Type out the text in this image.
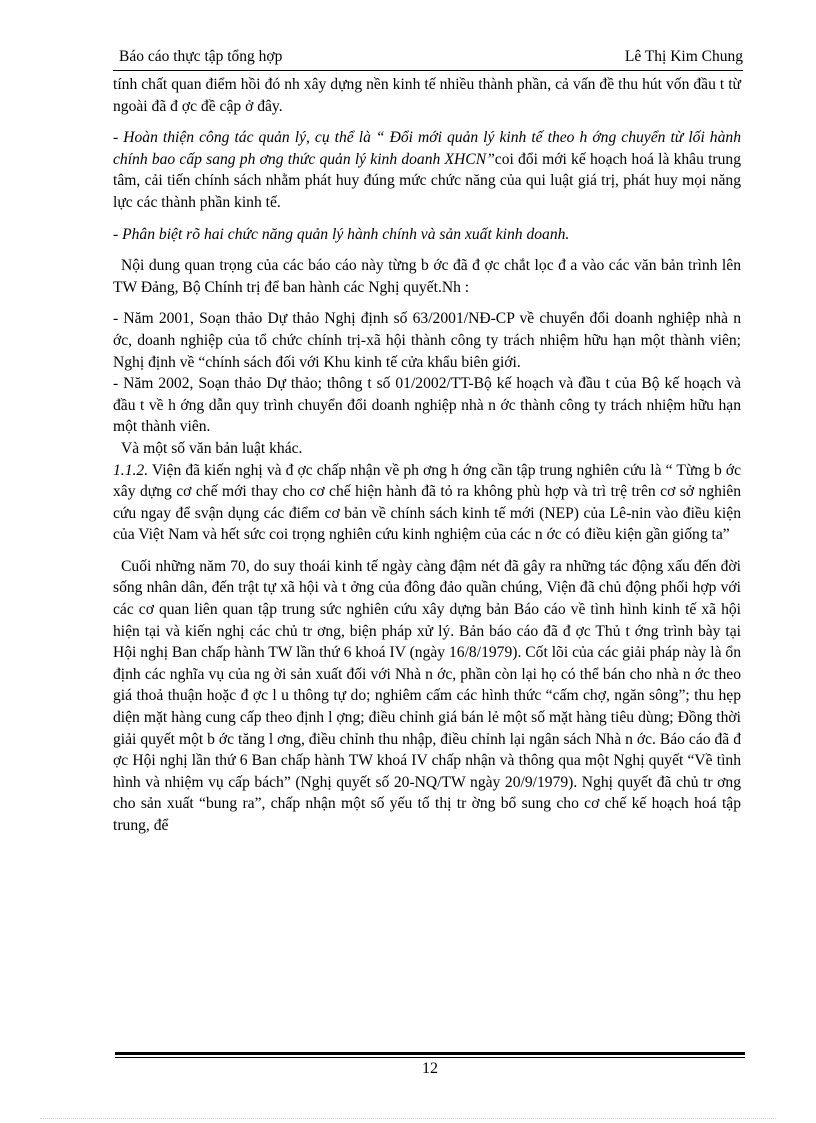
Báo cáo thực tập tổng hợp	Lê Thị Kim Chung

tính chất quan điểm hồi đó nh xây dựng nền kinh tế nhiều thành phần, cả vấn đề thu hút vốn đầu t từ ngoài đã đ ợc đề cập ở đây.

- Hoàn thiện công tác quản lý, cụ thể là “ Đổi mới quản lý kinh tế theo h ớng chuyển từ lối hành chính bao cấp sang ph ơng thức quản lý kinh doanh XHCN”coi đổi mới kế hoạch hoá là khâu trung tâm, cải tiến chính sách nhằm phát huy đúng mức chức năng của qui luật giá trị, phát huy mọi năng lực các thành phần kinh tế.

- Phân biệt rõ hai chức năng quản lý hành chính và sản xuất kinh doanh.

Nội dung quan trọng của các báo cáo này từng b ớc đã đ ợc chắt lọc đ a vào các văn bản trình lên TW Đảng, Bộ Chính trị để ban hành các Nghị quyết.Nh :

- Năm 2001, Soạn thảo Dự thảo Nghị định số 63/2001/NĐ-CP về chuyển đổi doanh nghiệp nhà n ớc, doanh nghiệp của tổ chức chính trị-xã hội thành công ty trách nhiệm hữu hạn một thành viên; Nghị định về “chính sách đối với Khu kinh tế cửa khẩu biên giới.

- Năm 2002, Soạn thảo Dự thảo; thông t số 01/2002/TT-Bộ kế hoạch và đầu t của Bộ kế hoạch và đầu t về h ớng dẫn quy trình chuyển đổi doanh nghiệp nhà n ớc thành công ty trách nhiệm hữu hạn một thành viên.

Và một số văn bản luật khác.

1.1.2. Viện đã kiến nghị và đ ợc chấp nhận về ph ơng h ớng cần tập trung nghiên cứu là “ Từng b ớc xây dựng cơ chế mới thay cho cơ chế hiện hành đã tỏ ra không phù hợp và trì trệ trên cơ sở nghiên cứu ngay để svận dụng các điểm cơ bản về chính sách kinh tế mới (NEP) của Lê-nin vào điều kiện của Việt Nam và hết sức coi trọng nghiên cứu kinh nghiệm của các n ớc có điều kiện gần giống ta”

Cuối những năm 70, do suy thoái kinh tế ngày càng đậm nét đã gây ra những tác động xấu đến đời sống nhân dân, đến trật tự xã hội và t ởng của đông đảo quần chúng, Viện đã chủ động phối hợp với các cơ quan liên quan tập trung sức nghiên cứu xây dựng bản Báo cáo về tình hình kinh tế xã hội hiện tại và kiến nghị các chủ tr ơng, biện pháp xử lý. Bản báo cáo đã đ ợc Thủ t ớng trình bày tại Hội nghị Ban chấp hành TW lần thứ 6 khoá IV (ngày 16/8/1979). Cốt lõi của các giải pháp này là ổn định các nghĩa vụ của ng ời sản xuất đối với Nhà n ớc, phần còn lại họ có thể bán cho nhà n ớc theo giá thoả thuận hoặc đ ợc l u thông tự do; nghiêm cấm các hình thức “cấm chợ, ngăn sông”; thu hẹp diện mặt hàng cung cấp theo định l ợng; điều chỉnh giá bán lẻ một số mặt hàng tiêu dùng; Đồng thời giải quyết một b ớc tăng l ơng, điều chỉnh thu nhập, điều chỉnh lại ngân sách Nhà n ớc. Báo cáo đã đ ợc Hội nghị lần thứ 6 Ban chấp hành TW khoá IV chấp nhận và thông qua một Nghị quyết “Về tình hình và nhiệm vụ cấp bách” (Nghị quyết số 20-NQ/TW ngày 20/9/1979). Nghị quyết đã chủ tr ơng cho sản xuất “bung ra”, chấp nhận một số yếu tố thị tr ờng bổ sung cho cơ chế kế hoạch hoá tập trung, để

12
